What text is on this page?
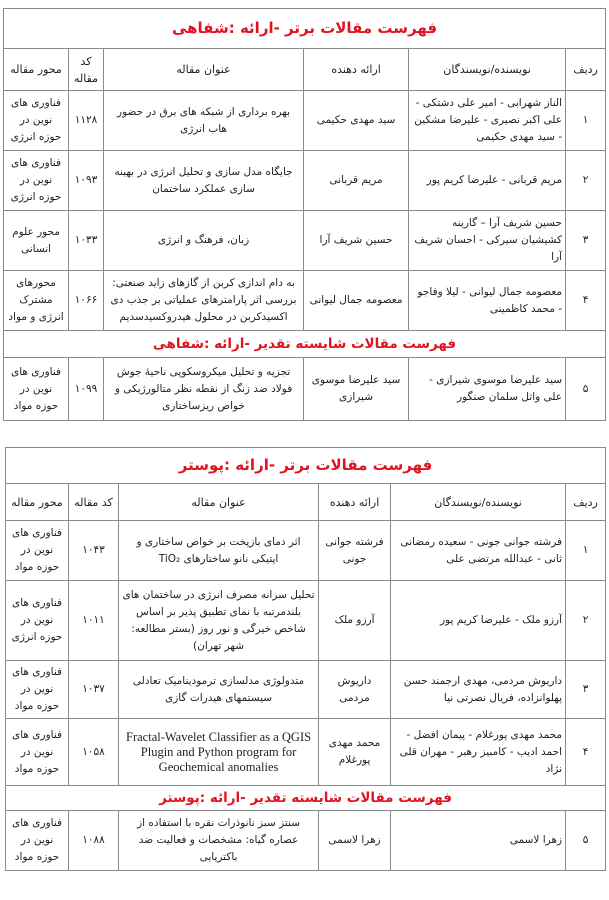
فهرست مقالات برتر -ارائه :شفاهی					
ردیف	نویسنده/نویسندگان	ارائه دهنده	عنوان مقاله	کد مقاله	محور مقاله
۱	الناز شهرابی - امیر علی دشتکی - علی اکبر نصیری - علیرضا مشکین - سید مهدی حکیمی	سید مهدی حکیمی	بهره برداری از شبکه های برق در حضور هاب انرژی	۱۱۲۸	فناوری های نوین در حوزه انرژی
۲	مریم قربانی - علیرضا کریم پور	مریم قربانی	جایگاه مدل سازی و تحلیل انرژی در بهینه سازی عملکرد ساختمان	۱۰۹۳	فناوری های نوین در حوزه انرژی
۳	حسین شریف آرا – گارینه کشیشیان سیرکی - احسان شریف آرا	حسین شریف آرا	زبان، فرهنگ و انرژی	۱۰۳۳	محور علوم انسانی
۴	معصومه جمال لیوانی - لیلا وفاجو - محمد کاظمینی	معصومه جمال لیوانی	به دام اندازی کربن از گازهای زاید صنعتی: بررسی اثر پارامترهای عملیاتی بر جذب دی اکسیدکربن در محلول هیدروکسیدسدیم	۱۰۶۶	محورهای مشترک انرژی و مواد
فهرست مقالات شایسته تقدیر -ارائه :شفاهی					
۵	سید علیرضا موسوی شیرازی - علی واثل سلمان صنگور	سید علیرضا موسوی شیرازی	تجزیه و تحلیل میکروسکوپی ناحیهٔ جوش فولاد ضد زنگ از نقطه نظر متالورژیکی و خواص ریزساختاری	۱۰۹۹	فناوری های نوین در حوزه مواد
فهرست مقالات برتر -ارائه :پوستر					
ردیف	نویسنده/نویسندگان	ارائه دهنده	عنوان مقاله	کد مقاله	محور مقاله
۱	فرشته جوانی جونی - سعیده رمضانی ثانی - عبدالله مرتضی علی	فرشته جوانی جونی	اثر دمای بازپخت بر خواص ساختاری و اپتیکی نانو ساختارهای TiO₂	۱۰۴۳	فناوری های نوین در حوزه مواد
۲	آرزو ملک - علیرضا کریم پور	آرزو ملک	تحلیل سرانه مصرف انرژی در ساختمان های بلندمرتبه با نمای تطبیق پذیر بر اساس شاخص خیرگی و نور روز (بستر مطالعه: شهر تهران)	۱۰۱۱	فناوری های نوین در حوزه انرژی
۳	داریوش مردمی، مهدی ارجمند حسن پهلوانزاده، فریال نصرتی نیا	داریوش مردمی	متدولوژی مدلسازی ترمودینامیک تعادلی سیستمهای هیدرات گازی	۱۰۳۷	فناوری های نوین در حوزه مواد
۴	محمد مهدی پورغلام - پیمان افضل - احمد ادیب - کامبیز رهبر - مهران قلی نژاد	محمد مهدی پورغلام	Fractal-Wavelet Classifier as a QGIS Plugin and Python program for Geochemical anomalies	۱۰۵۸	فناوری های نوین در حوزه مواد
فهرست مقالات شایسته تقدیر -ارائه :پوستر					
۵	زهرا لاسمی	زهرا لاسمی	سنتز سبز نانوذرات نقره با استفاده از عصاره گیاه: مشخصات و فعالیت ضد باکتریایی	۱۰۸۸	فناوری های نوین در حوزه مواد
